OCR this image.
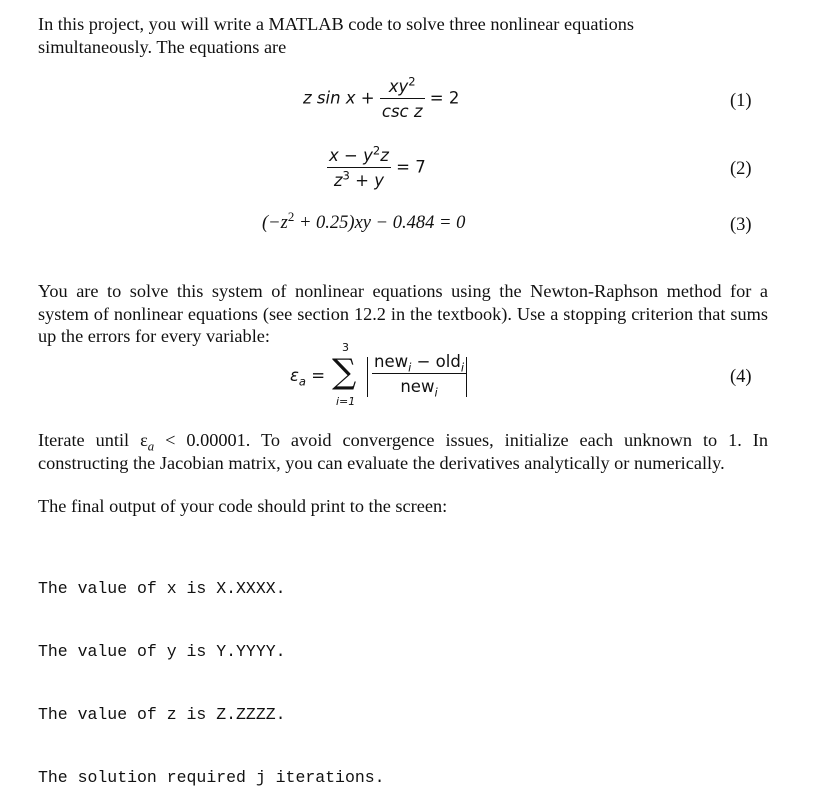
In this project, you will write a MATLAB code to solve three nonlinear equations
simultaneously. The equations are
z $\sin x + \frac{xy^2}{\text{csc z}} = 2$	(1)
$\frac{x - y^2z}{z^3 + y} = 7$	(2)
$(-z^2 + 0.25)xy - 0.484 = 0$	(3)
You are to solve this system of nonlinear equations using the Newton-Raphson method for a
system of nonlinear equations (see section 12.2 in the textbook). Use a stopping criterion that sums
up the errors for every variable:
$\varepsilon_a$ =
3
∑
i=1
$\frac{new_i - old_i}{new_i}$	(4)
Iterate until $\varepsilon_a < 0.00001$. To avoid convergence issues, initialize each unknown to 1. In
constructing the Jacobian matrix, you can evaluate the derivatives analytically or numerically.
The final output of your code should print to the screen:

The value of x is X.XXXX.

The value of y is Y.YYYY.

The value of z is Z.ZZZZ.

The solution required j iterations.
